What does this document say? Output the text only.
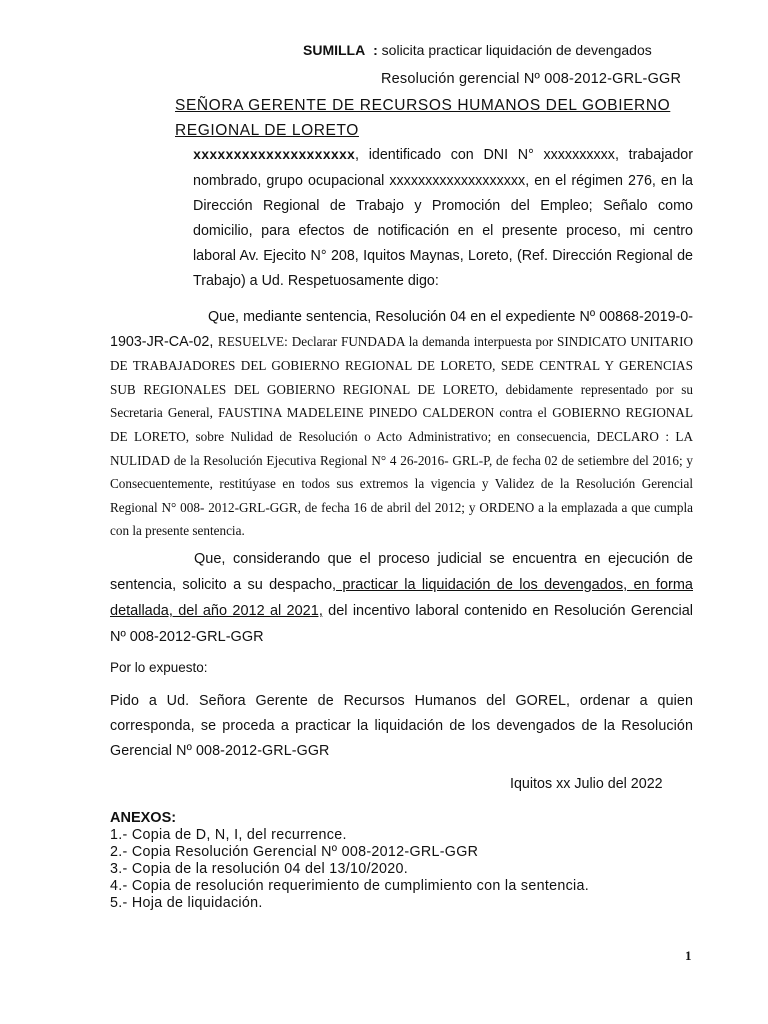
SUMILLA : solicita practicar liquidación de devengados
Resolución gerencial Nº 008-2012-GRL-GGR
SEÑORA GERENTE DE RECURSOS HUMANOS DEL GOBIERNO REGIONAL DE LORETO
xxxxxxxxxxxxxxxxxxxx, identificado con DNI N° xxxxxxxxxx, trabajador nombrado, grupo ocupacional xxxxxxxxxxxxxxxxxxx, en el régimen 276, en la Dirección Regional de Trabajo y Promoción del Empleo; Señalo como domicilio, para efectos de notificación en el presente proceso, mi centro laboral Av. Ejecito N° 208, Iquitos Maynas, Loreto, (Ref. Dirección Regional de Trabajo) a Ud. Respetuosamente digo:
Que, mediante sentencia, Resolución 04 en el expediente Nº 00868-2019-0-1903-JR-CA-02, RESUELVE: Declarar FUNDADA la demanda interpuesta por SINDICATO UNITARIO DE TRABAJADORES DEL GOBIERNO REGIONAL DE LORETO, SEDE CENTRAL Y GERENCIAS SUB REGIONALES DEL GOBIERNO REGIONAL DE LORETO, debidamente representado por su Secretaria General, FAUSTINA MADELEINE PINEDO CALDERON contra el GOBIERNO REGIONAL DE LORETO, sobre Nulidad de Resolución o Acto Administrativo; en consecuencia, DECLARO : LA NULIDAD de la Resolución Ejecutiva Regional N° 4 26-2016- GRL-P, de fecha 02 de setiembre del 2016; y Consecuentemente, restitúyase en todos sus extremos la vigencia y Validez de la Resolución Gerencial Regional N° 008- 2012-GRL-GGR, de fecha 16 de abril del 2012; y ORDENO a la emplazada a que cumpla con la presente sentencia.
Que, considerando que el proceso judicial se encuentra en ejecución de sentencia, solicito a su despacho, practicar la liquidación de los devengados, en forma detallada, del año 2012 al 2021, del incentivo laboral contenido en Resolución Gerencial Nº 008-2012-GRL-GGR
Por lo expuesto:
Pido a Ud. Señora Gerente de Recursos Humanos del GOREL, ordenar a quien corresponda, se proceda a practicar la liquidación de los devengados de la Resolución Gerencial Nº 008-2012-GRL-GGR
Iquitos xx Julio del 2022
ANEXOS:
1.- Copia de D, N, I, del recurrence.
2.- Copia Resolución Gerencial Nº 008-2012-GRL-GGR
3.- Copia de la resolución 04 del 13/10/2020.
4.- Copia de resolución requerimiento de cumplimiento con la sentencia.
5.- Hoja de liquidación.
1
